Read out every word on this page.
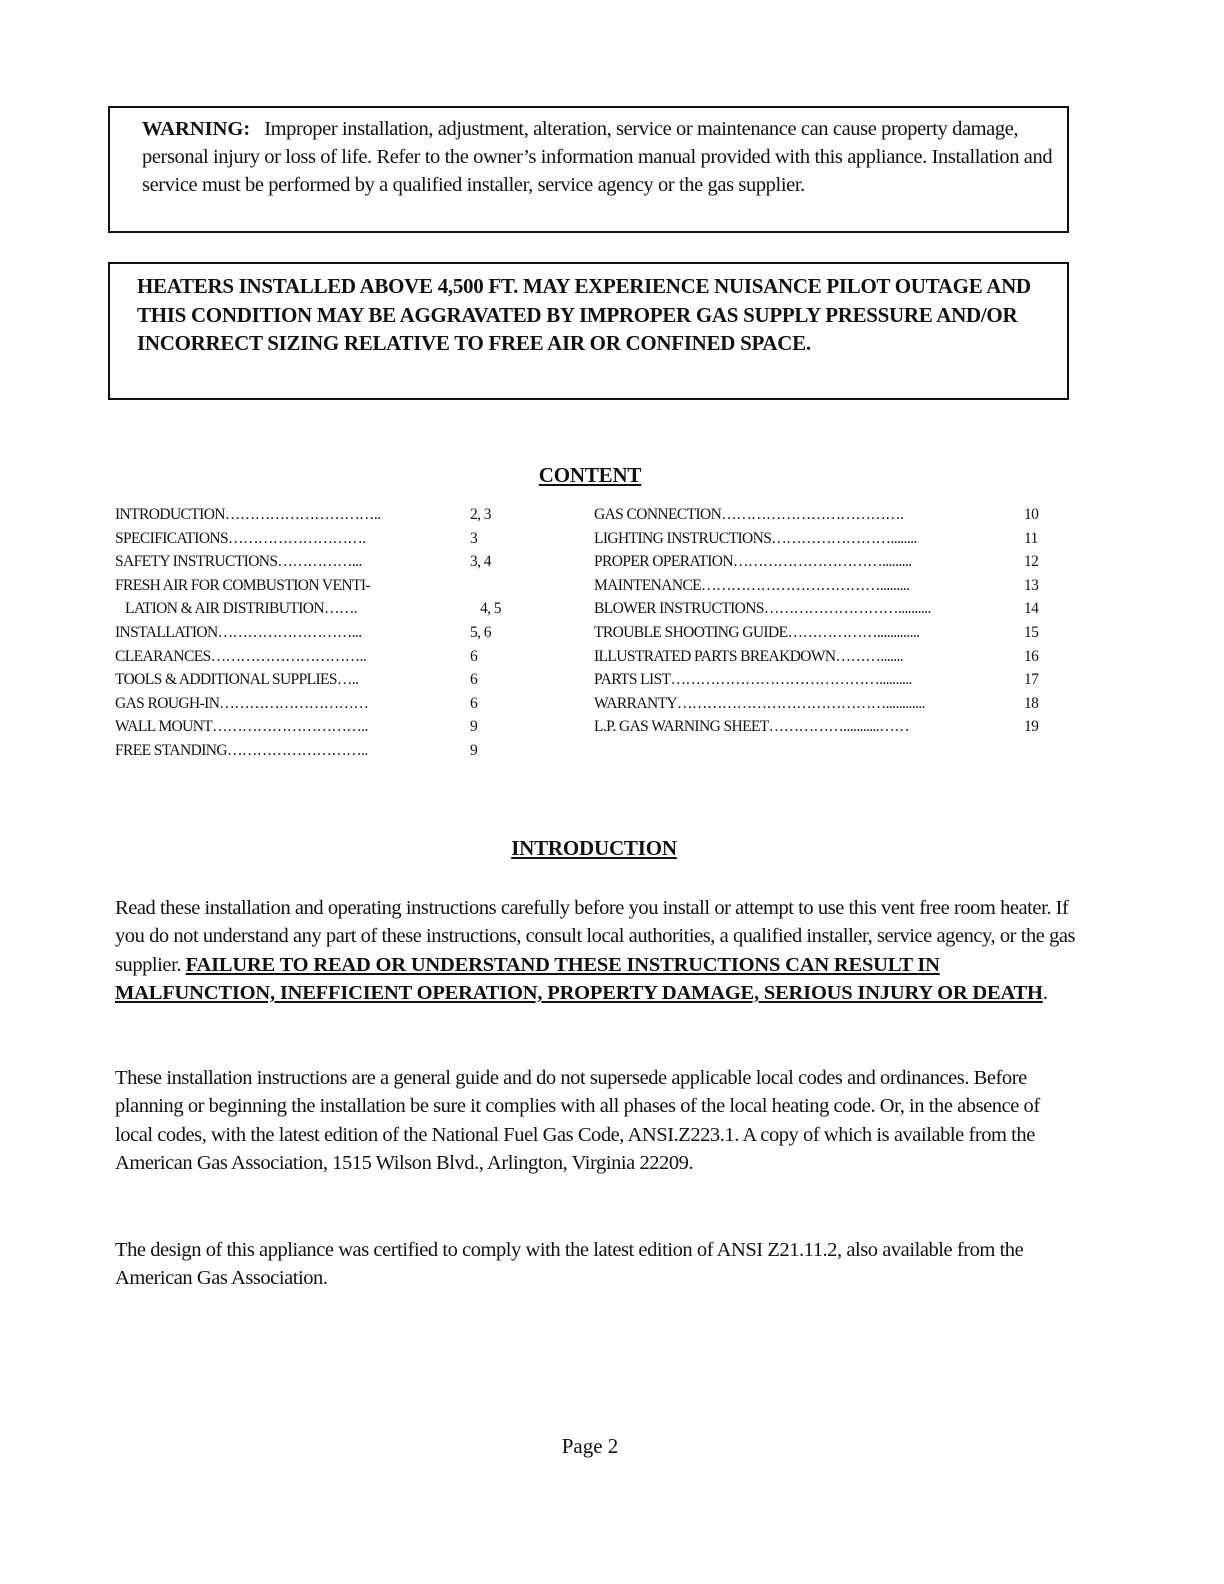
WARNING: Improper installation, adjustment, alteration, service or maintenance can cause property damage, personal injury or loss of life. Refer to the owner’s information manual provided with this appliance. Installation and service must be performed by a qualified installer, service agency or the gas supplier.
HEATERS INSTALLED ABOVE 4,500 FT. MAY EXPERIENCE NUISANCE PILOT OUTAGE AND THIS CONDITION MAY BE AGGRAVATED BY IMPROPER GAS SUPPLY PRESSURE AND/OR INCORRECT SIZING RELATIVE TO FREE AIR OR CONFINED SPACE.
CONTENT
INTRODUCTION…………………………..	2, 3
SPECIFICATIONS……………………….	3
SAFETY INSTRUCTIONS……………...	3, 4
FRESH AIR FOR COMBUSTION VENTI-
LATION & AIR DISTRIBUTION…….	4, 5
INSTALLATION………………………...	5, 6
CLEARANCES…………………………..	6
TOOLS & ADDITIONAL SUPPLIES…..	6
GAS ROUGH-IN…………………………	6
WALL MOUNT…………………………..	9
FREE STANDING………………………..	9
GAS CONNECTION……………………………….	10
LIGHTING INSTRUCTIONS……………………........	11
PROPER OPERATION………………………….........	12
MAINTENANCE……………………………….........	13
BLOWER INSTRUCTIONS………………………..........	14
TROUBLE SHOOTING GUIDE……………….............	15
ILLUSTRATED PARTS BREAKDOWN……….......	16
PARTS LIST……………………………………..........	17
WARRANTY……………………………………............	18
L.P. GAS WARNING SHEET……………...........……	19
INTRODUCTION
Read these installation and operating instructions carefully before you install or attempt to use this vent free room heater. If you do not understand any part of these instructions, consult local authorities, a qualified installer, service agency, or the gas supplier. FAILURE TO READ OR UNDERSTAND THESE INSTRUCTIONS CAN RESULT IN MALFUNCTION, INEFFICIENT OPERATION, PROPERTY DAMAGE, SERIOUS INJURY OR DEATH.
These installation instructions are a general guide and do not supersede applicable local codes and ordinances. Before planning or beginning the installation be sure it complies with all phases of the local heating code. Or, in the absence of local codes, with the latest edition of the National Fuel Gas Code, ANSI.Z223.1. A copy of which is available from the American Gas Association, 1515 Wilson Blvd., Arlington, Virginia 22209.
The design of this appliance was certified to comply with the latest edition of ANSI Z21.11.2, also available from the American Gas Association.
Page 2
